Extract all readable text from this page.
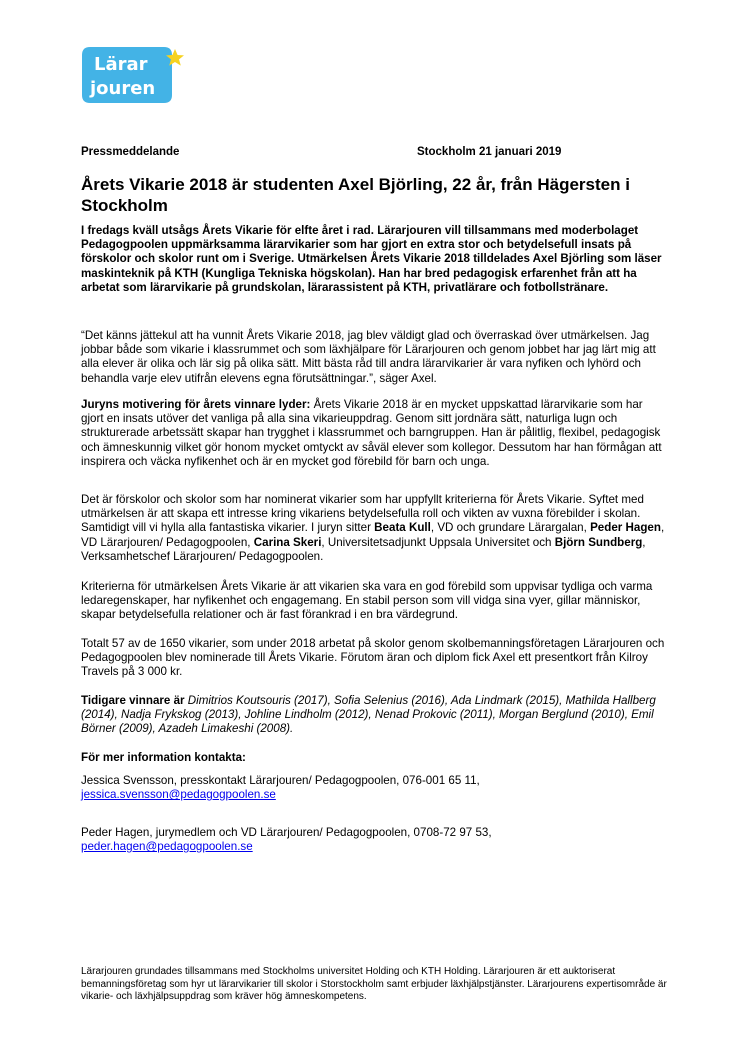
Lärar
jouren
Pressmeddelande	Stockholm 21 januari 2019
Årets Vikarie 2018 är studenten Axel Björling, 22 år, från Hägersten i Stockholm

I fredags kväll utsågs Årets Vikarie för elfte året i rad. Lärarjouren vill tillsammans med moderbolaget Pedagogpoolen uppmärksamma lärarvikarier som har gjort en extra stor och betydelsefull insats på förskolor och skolor runt om i Sverige. Utmärkelsen Årets Vikarie 2018 tilldelades Axel Björling som läser maskinteknik på KTH (Kungliga Tekniska högskolan). Han har bred pedagogisk erfarenhet från att ha arbetat som lärarvikarie på grundskolan, lärarassistent på KTH, privatlärare och fotbollstränare.

“Det känns jättekul att ha vunnit Årets Vikarie 2018, jag blev väldigt glad och överraskad över utmärkelsen. Jag jobbar både som vikarie i klassrummet och som läxhjälpare för Lärarjouren och genom jobbet har jag lärt mig att alla elever är olika och lär sig på olika sätt. Mitt bästa råd till andra lärarvikarier är vara nyfiken och lyhörd och behandla varje elev utifrån elevens egna förutsättningar.”, säger Axel.

Juryns motivering för årets vinnare lyder: Årets Vikarie 2018 är en mycket uppskattad lärarvikarie som har gjort en insats utöver det vanliga på alla sina vikarieuppdrag. Genom sitt jordnära sätt, naturliga lugn och strukturerade arbetssätt skapar han trygghet i klassrummet och barngruppen. Han är pålitlig, flexibel, pedagogisk och ämneskunnig vilket gör honom mycket omtyckt av såväl elever som kollegor. Dessutom har han förmågan att inspirera och väcka nyfikenhet och är en mycket god förebild för barn och unga.

Det är förskolor och skolor som har nominerat vikarier som har uppfyllt kriterierna för Årets Vikarie. Syftet med utmärkelsen är att skapa ett intresse kring vikariens betydelsefulla roll och vikten av vuxna förebilder i skolan. Samtidigt vill vi hylla alla fantastiska vikarier. I juryn sitter Beata Kull, VD och grundare Lärargalan, Peder Hagen, VD Lärarjouren/ Pedagogpoolen, Carina Skeri, Universitetsadjunkt Uppsala Universitet och Björn Sundberg, Verksamhetschef Lärarjouren/ Pedagogpoolen.

Kriterierna för utmärkelsen Årets Vikarie är att vikarien ska vara en god förebild som uppvisar tydliga och varma ledaregenskaper, har nyfikenhet och engagemang. En stabil person som vill vidga sina vyer, gillar människor, skapar betydelsefulla relationer och är fast förankrad i en bra värdegrund.

Totalt 57 av de 1650 vikarier, som under 2018 arbetat på skolor genom skolbemanningsföretagen Lärarjouren och Pedagogpoolen blev nominerade till Årets Vikarie. Förutom äran och diplom fick Axel ett presentkort från Kilroy Travels på 3 000 kr.

Tidigare vinnare är Dimitrios Koutsouris (2017), Sofia Selenius (2016), Ada Lindmark (2015), Mathilda Hallberg (2014), Nadja Frykskog (2013), Johline Lindholm (2012), Nenad Prokovic (2011), Morgan Berglund (2010), Emil Börner (2009), Azadeh Limakeshi (2008).

För mer information kontakta:

Jessica Svensson, presskontakt Lärarjouren/ Pedagogpoolen, 076-001 65 11,
jessica.svensson@pedagogpoolen.se
Peder Hagen, jurymedlem och VD Lärarjouren/ Pedagogpoolen, 0708-72 97 53,
peder.hagen@pedagogpoolen.se

Lärarjouren grundades tillsammans med Stockholms universitet Holding och KTH Holding. Lärarjouren är ett auktoriserat bemanningsföretag som hyr ut lärarvikarier till skolor i Storstockholm samt erbjuder läxhjälpstjänster. Lärarjourens expertisområde är vikarie- och läxhjälpsuppdrag som kräver hög ämneskompetens.
